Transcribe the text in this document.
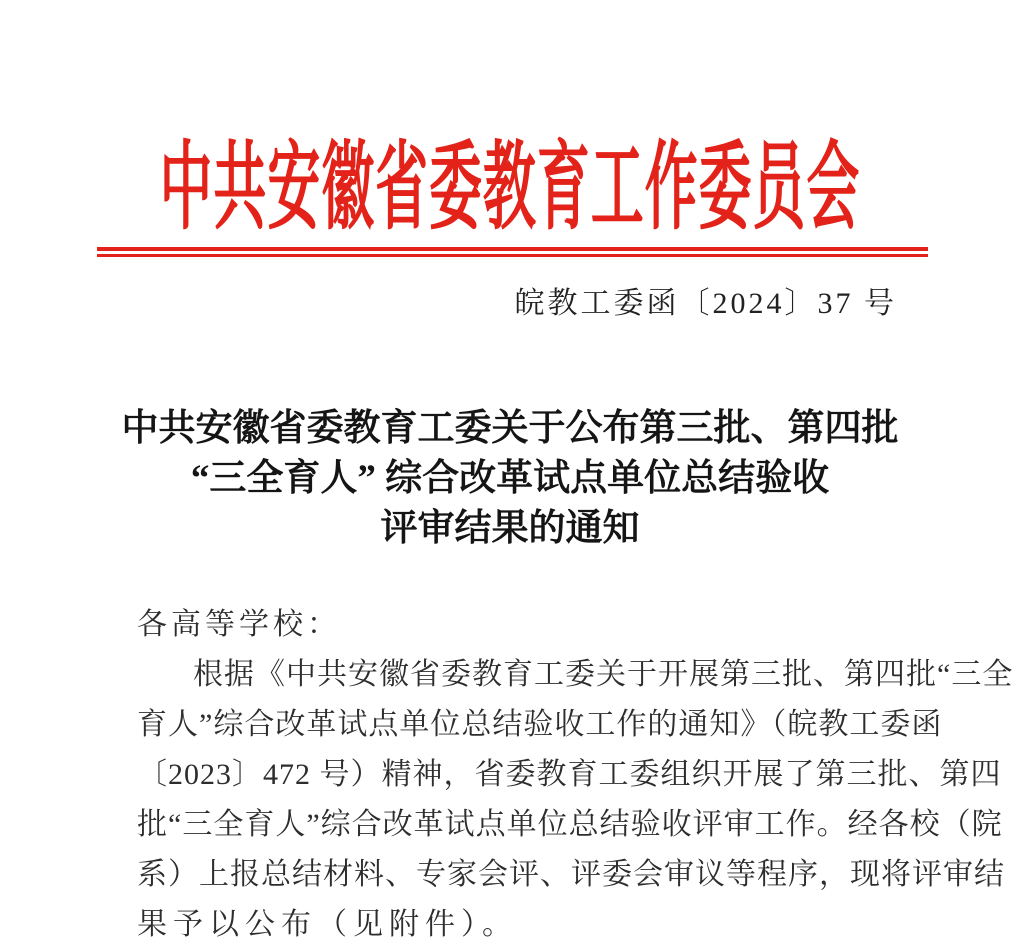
中共安徽省委教育工作委员会
皖教工委函〔2024〕37 号
中共安徽省委教育工委关于公布第三批、第四批
“三全育人” 综合改革试点单位总结验收
评审结果的通知
各高等学校：
根据《中共安徽省委教育工委关于开展第三批、第四批“三全
育人”综合改革试点单位总结验收工作的通知》（皖教工委函
〔2023〕472 号）精神，省委教育工委组织开展了第三批、第四
批“三全育人”综合改革试点单位总结验收评审工作。经各校（院
系）上报总结材料、专家会评、评委会审议等程序，现将评审结
果予以公布（见附件）。
